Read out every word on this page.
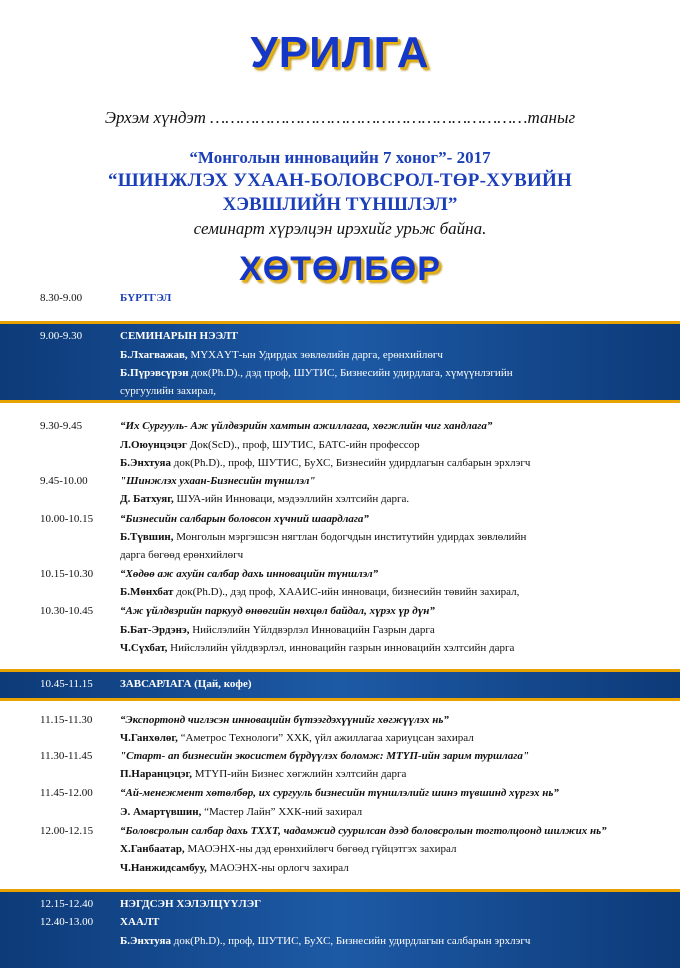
УРИЛГА
Эрхэм хүндэт ………………………………………………………таныг
“Монголын инновацийн 7 хоног”- 2017
“ШИНЖЛЭХ УХААН-БОЛОВСРОЛ-ТӨР-ХУВИЙН
ХЭВШЛИЙН ТҮНШЛЭЛ”
семинарт хүрэлцэн ирэхийг урьж байна.
ХӨТӨЛБӨР
8.30-9.00	БҮРТГЭЛ
9.00-9.30	СЕМИНАРЫН НЭЭЛТ
Б.Лхагважав, МҮХАҮТ-ын Удирдах зөвлөлийн дарга, ерөнхийлөгч
Б.Пүрэвсүрэн док(Ph.D)., дэд проф, ШУТИС, Бизнесийн удирдлага, хүмүүнлэгийн
сургуулийн захирал,
9.30-9.45	“Их Сургууль- Аж үйлдвэрийн хамтын ажиллагаа, хөгжлийн чиг хандлага”
Л.Оюунцэцэг Док(ScD)., проф, ШУТИС, БАТС-ийн профессор
Б.Энхтуяа док(Ph.D)., проф, ШУТИС, БуХС, Бизнесийн удирдлагын салбарын эрхлэгч
9.45-10.00	"Шинжлэх ухаан-Бизнесийн түншлэл"
Д. Батхуяг, ШУА-ийн Инноваци, мэдээллийн хэлтсийн дарга.
10.00-10.15 “Бизнесийн салбарын боловсон хүчний шаардлага”
Б.Түвшин, Монголын мэргэшсэн нягтлан бодогчдын институтийн удирдах зөвлөлийн
дарга бөгөөд ерөнхийлөгч
10.15-10.30 “Хөдөө аж ахуйн салбар дахь инновацийн түншлэл”
Б.Мөнхбат док(Ph.D)., дэд проф, ХААИС-ийн инноваци, бизнесийн төвийн захирал,
10.30-10.45 “Аж үйлдвэрийн паркууд өнөөгийн нөхцөл байдал, хүрэх үр дүн”
Б.Бат-Эрдэнэ, Нийслэлийн Үйлдвэрлэл Инновацийн Газрын дарга
Ч.Сүхбат, Нийслэлийн үйлдвэрлэл, инновацийн газрын инновацийн хэлтсийн дарга
10.45-11.15 ЗАВСАРЛАГА (Цай, кофе)
11.15-11.30	“Экспортонд чиглэсэн инновацийн бүтээгдэхүүнийг хөгжүүлэх нь”
Ч.Ганхөлөг, “Аметрос Технологи” ХХК, үйл ажиллагаа хариуцсан захирал
11.30-11.45	"Старт- ап бизнесийн экосистем бүрдүүлэх боломж: МТҮП-ийн зарим туршлага"
П.Наранцэцэг, МТҮП-ийн Бизнес хөгжлийн хэлтсийн дарга
11.45-12.00 “Ай-менежмент хөтөлбөр, их сургууль бизнесийн түншлэлийг шинэ түвшинд хүргэх нь”
Э. Амартүвшин, “Мастер Лайн” ХХК-ний захирал
12.00-12.15 “Боловсролын салбар дахь ТХХТ, чадамжид суурилсан дээд боловсролын тогтолцоонд шилжих нь”
Х.Ганбаатар, МАОЭНХ-ны дэд ерөнхийлөгч бөгөөд гүйцэтгэх захирал
Ч.Нанжидсамбуу, МАОЭНХ-ны орлогч захирал
12.15-12.40 НЭГДСЭН ХЭЛЭЛЦҮҮЛЭГ
12.40-13.00 ХААЛТ
Б.Энхтуяа док(Ph.D)., проф, ШУТИС, БуХС, Бизнесийн удирдлагын салбарын эрхлэгч
